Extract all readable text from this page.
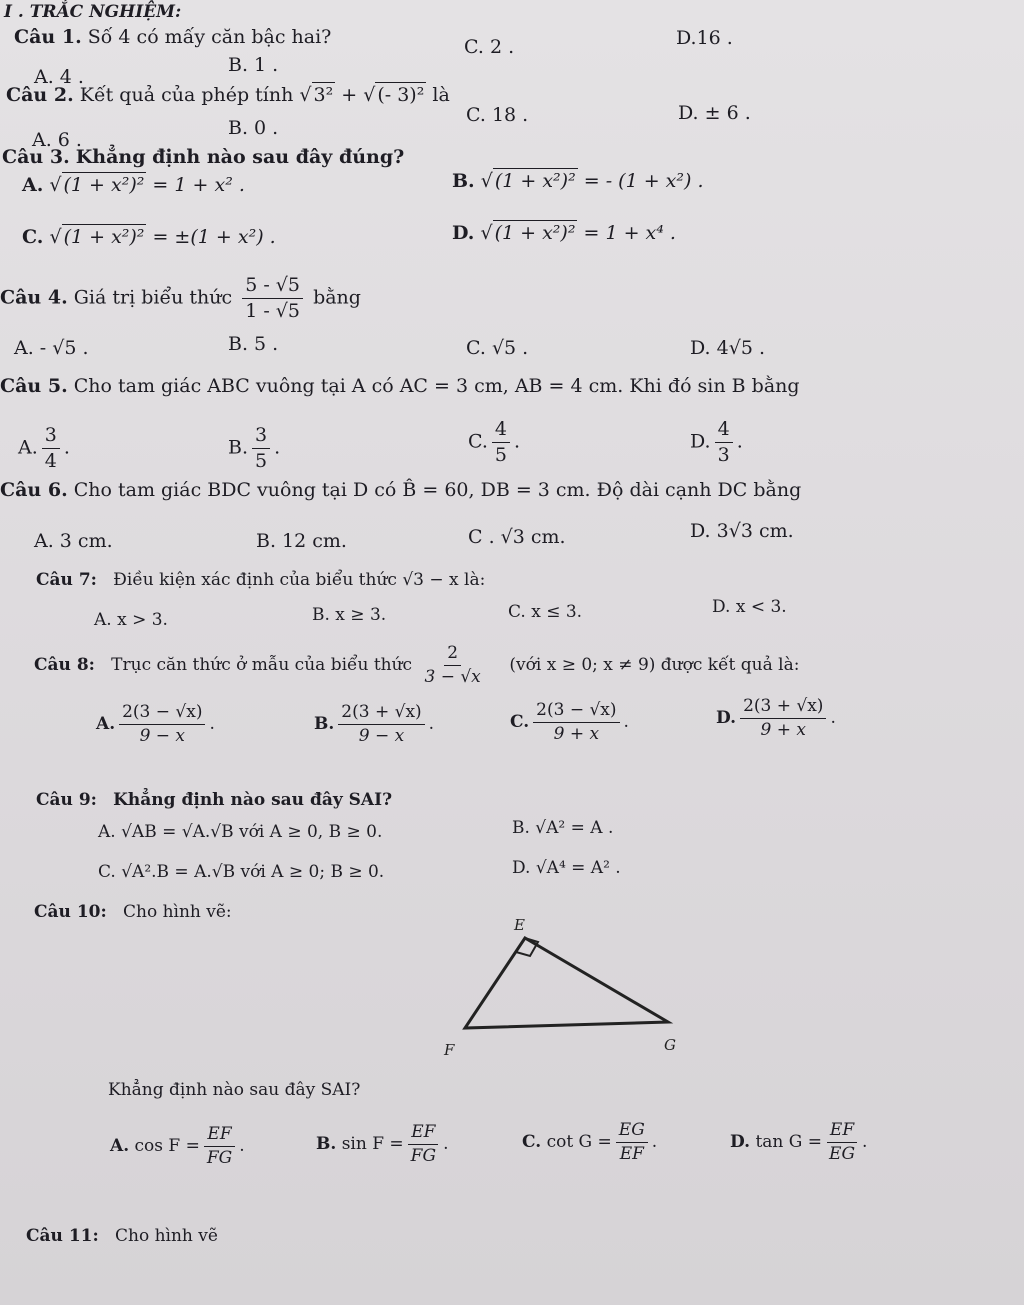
I . TRẮC NGHIỆM:
Câu 1. Số 4 có mấy căn bậc hai?
A. 4 .
B. 1 .
C. 2 .	D.16 .
Câu 2. Kết quả của phép tính √ 3² + √ (- 3)² là
A. 6 .
B. 0 .
C. 18 .	D. ± 6 .
Câu 3. Khẳng định nào sau đây đúng?
A. √ (1 + x²)² = 1 + x² .	B. √ (1 + x²)² = - (1 + x²) .
C. √ (1 + x²)² = ±(1 + x²) .	D. √ (1 + x²)² = 1 + x⁴ .
Câu 4. Giá trị biểu thức $\frac{5 - √5}{1 - √5}$ bằng
A. - √5 .	B. 5 .	C. √5 .	D. 4√5 .
Câu 5. Cho tam giác ABC vuông tại A có AC = 3 cm, AB = 4 cm. Khi đó sin B bằng
A. $\frac{3}{4}$ .	B. $\frac{3}{5}$ .	C. $\frac{4}{5}$ .	D. $\frac{4}{3}$ .
Câu 6. Cho tam giác BDC vuông tại D có B̂ = 60, DB = 3 cm. Độ dài cạnh DC bằng
A. 3 cm.	B. 12 cm.	C . √3 cm.	D. 3√3 cm.
Câu 7: Điều kiện xác định của biểu thức √3 − x là:
A. x > 3.	B. x ≥ 3.	C. x ≤ 3.	D. x < 3.
Câu 8: Trục căn thức ở mẫu của biểu thức $\frac{2}{3 - √x}$ (với x ≥ 0; x ≠ 9) được kết quả là:
A. $\frac{2(3 - √x)}{9 - x}$ .	B. $\frac{2(3 + √x)}{9 - x}$ .	C. $\frac{2(3 - √x)}{9 + x}$ .	D. $\frac{2(3 + √x)}{9 + x}$ .
Câu 9: Khẳng định nào sau đây SAI?
A. √AB = √A.√B với A ≥ 0, B ≥ 0.	B. √A² = A .
C. √A².B = A.√B với A ≥ 0; B ≥ 0.	D. √A⁴ = A² .
Câu 10: Cho hình vẽ:
E
F	G
Khẳng định nào sau đây SAI?
A. $\cos F = \frac{EF}{FG}$ .	B. $\sin F = \frac{EF}{FG}$ .	C. $\cot G = \frac{EG}{EF}$ .	D. $\tan G = \frac{EF}{EG}$ .
Câu 11: Cho hình vẽ
